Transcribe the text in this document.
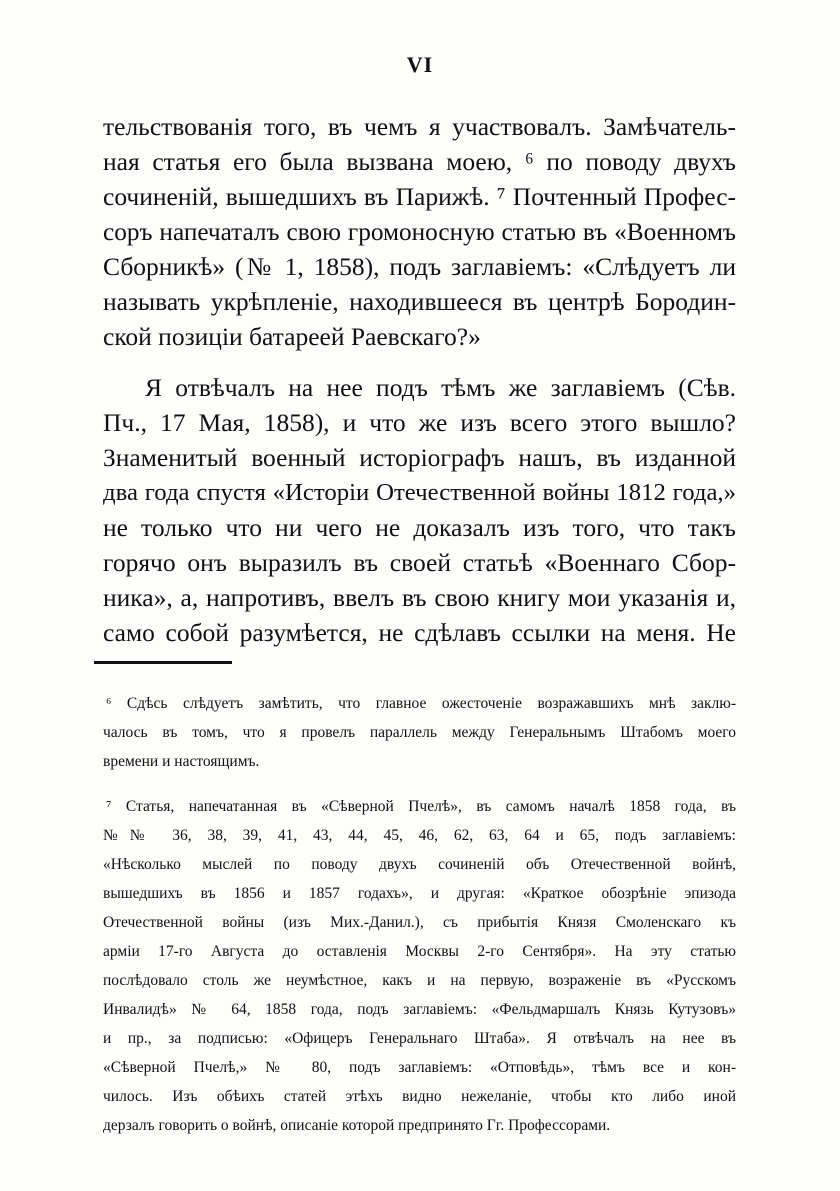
VI

тельствованія того, въ чемъ я участвовалъ. Замѣчатель-

ная статья его была вызвана моею, ⁶ по поводу двухъ

сочиненій, вышедшихъ въ Парижѣ. ⁷ Почтенный Профес-

соръ напечаталъ свою громоносную статью въ «Военномъ

Сборникѣ» (№ 1, 1858), подъ заглавіемъ: «Слѣдуетъ ли

называть укрѣпленіе, находившееся въ центрѣ Бородин-

ской позиціи батареей Раевскаго?»

Я отвѣчалъ на нее подъ тѣмъ же заглавіемъ (Сѣв.

Пч., 17 Мая, 1858), и что же изъ всего этого вышло?

Знаменитый военный исторіографъ нашъ, въ изданной

два года спустя «Исторіи Отечественной войны 1812 года,»

не только что ни чего не доказалъ изъ того, что такъ

горячо онъ выразилъ въ своей статьѣ «Военнаго Сбор-

ника», а, напротивъ, ввелъ въ свою книгу мои указанія и,

само собой разумѣется, не сдѣлавъ ссылки на меня. Не

⁶ Сдѣсь слѣдуетъ замѣтить, что главное ожесточеніе возражавшихъ мнѣ заклю-

чалось въ томъ, что я провелъ параллель между Генеральнымъ Штабомъ моего

времени и настоящимъ.

⁷ Статья, напечатанная въ «Сѣверной Пчелѣ», въ самомъ началѣ 1858 года, въ

№№ 36, 38, 39, 41, 43, 44, 45, 46, 62, 63, 64 и 65, подъ заглавіемъ:

«Нѣсколько мыслей по поводу двухъ сочиненій объ Отечественной войнѣ,

вышедшихъ въ 1856 и 1857 годахъ», и другая: «Краткое обозрѣніе эпизода

Отечественной войны (изъ Мих.-Данил.), съ прибытія Князя Смоленскаго къ

арміи 17-го Августа до оставленія Москвы 2-го Сентября». На эту статью

послѣдовало столь же неумѣстное, какъ и на первую, возраженіе въ «Русскомъ

Инвалидѣ» № 64, 1858 года, подъ заглавіемъ: «Фельдмаршалъ Князь Кутузовъ»

и пр., за подписью: «Офицеръ Генеральнаго Штаба». Я отвѣчалъ на нее въ

«Сѣверной Пчелѣ,» № 80, подъ заглавіемъ: «Отповѣдь», тѣмъ все и кон-

чилось. Изъ обѣихъ статей этѣхъ видно нежеланіе, чтобы кто либо иной

дерзалъ говорить о войнѣ, описаніе которой предпринято Гг. Профессорами.
